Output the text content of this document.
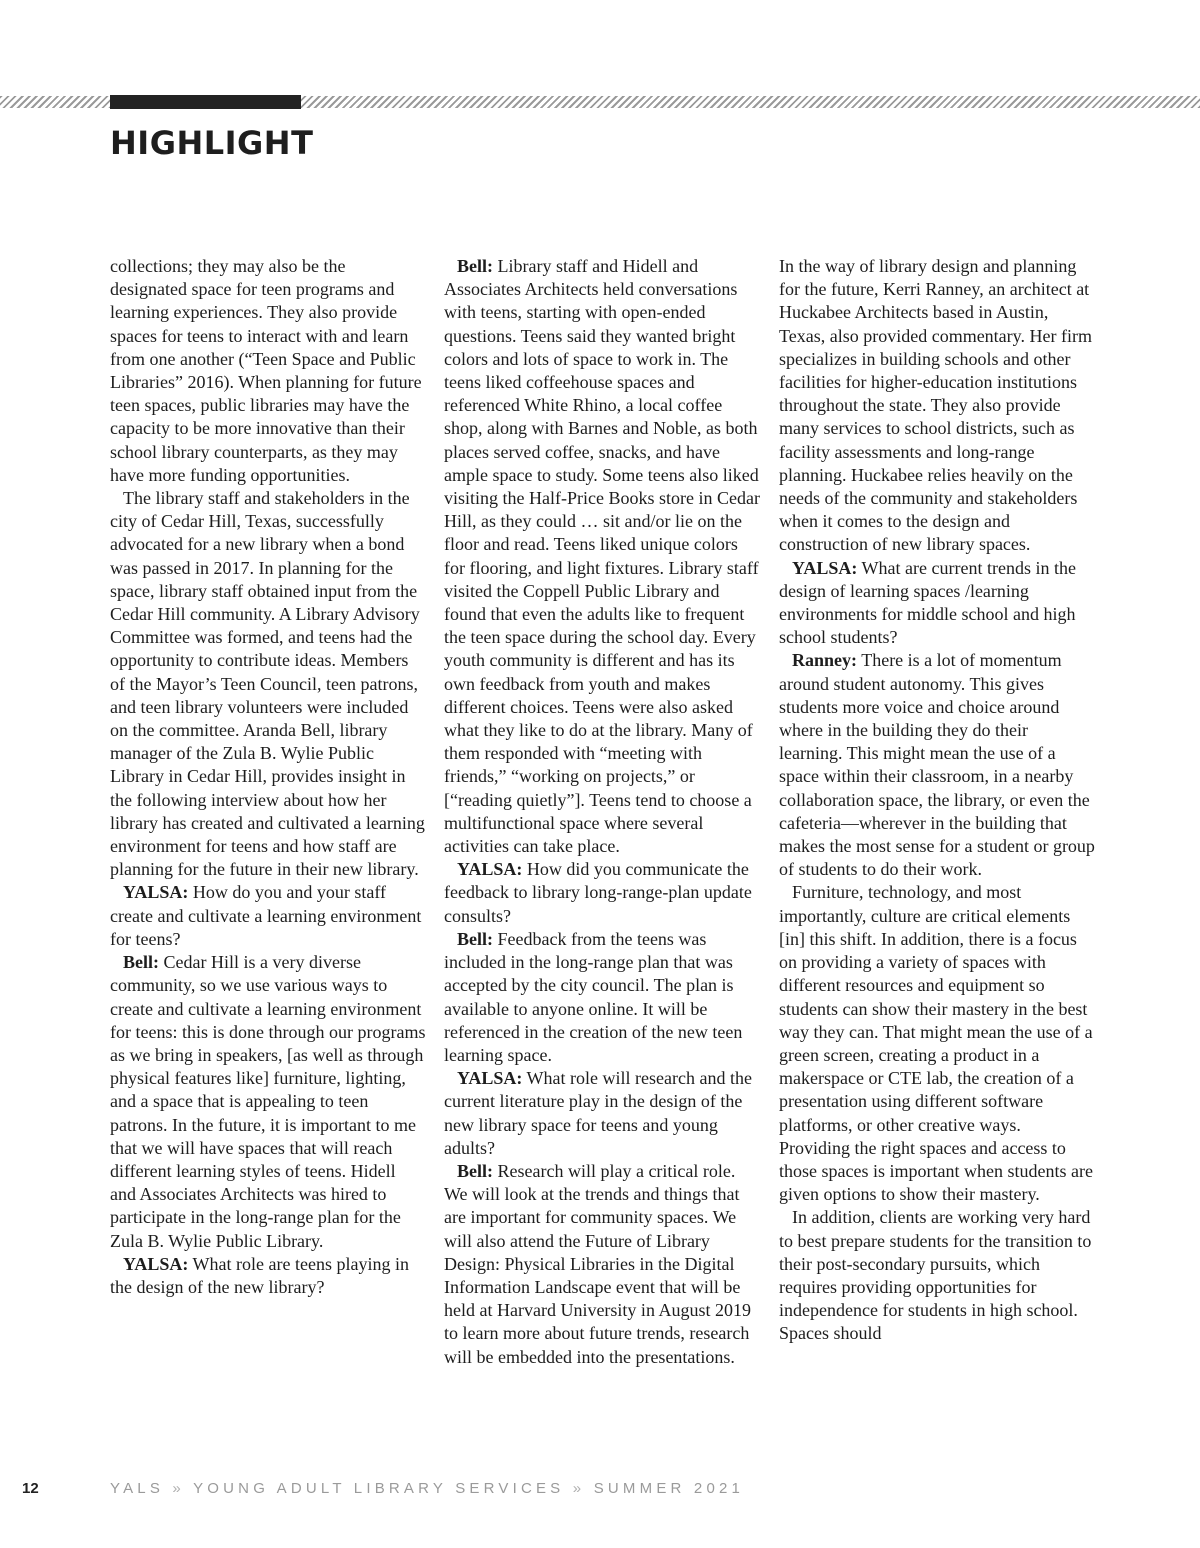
HIGHLIGHT

collections; they may also be the designated space for teen programs and learning experiences. They also provide spaces for teens to interact with and learn from one another (“Teen Space and Public Libraries” 2016). When planning for future teen spaces, public libraries may have the capacity to be more innovative than their school library counterparts, as they may have more funding opportunities.

The library staff and stakeholders in the city of Cedar Hill, Texas, successfully advocated for a new library when a bond was passed in 2017. In planning for the space, library staff obtained input from the Cedar Hill community. A Library Advisory Committee was formed, and teens had the opportunity to contribute ideas. Members of the Mayor’s Teen Council, teen patrons, and teen library volunteers were included on the committee. Aranda Bell, library manager of the Zula B. Wylie Public Library in Cedar Hill, provides insight in the following interview about how her library has created and cultivated a learning environment for teens and how staff are planning for the future in their new library.

YALSA: How do you and your staff create and cultivate a learning environment for teens?

Bell: Cedar Hill is a very diverse community, so we use various ways to create and cultivate a learning environment for teens: this is done through our programs as we bring in speakers, [as well as through physical features like] furniture, lighting, and a space that is appealing to teen patrons. In the future, it is important to me that we will have spaces that will reach different learning styles of teens. Hidell and Associates Architects was hired to participate in the long-range plan for the Zula B. Wylie Public Library.

YALSA: What role are teens playing in the design of the new library?

Bell: Library staff and Hidell and Associates Architects held conversations with teens, starting with open-ended questions. Teens said they wanted bright colors and lots of space to work in. The teens liked coffeehouse spaces and referenced White Rhino, a local coffee shop, along with Barnes and Noble, as both places served coffee, snacks, and have ample space to study. Some teens also liked visiting the Half-Price Books store in Cedar Hill, as they could … sit and/or lie on the floor and read. Teens liked unique colors for flooring, and light fixtures. Library staff visited the Coppell Public Library and found that even the adults like to frequent the teen space during the school day. Every youth community is different and has its own feedback from youth and makes different choices. Teens were also asked what they like to do at the library. Many of them responded with “meeting with friends,” “working on projects,” or [“reading quietly”]. Teens tend to choose a multifunctional space where several activities can take place.

YALSA: How did you communicate the feedback to library long-range-plan update consults?

Bell: Feedback from the teens was included in the long-range plan that was accepted by the city council. The plan is available to anyone online. It will be referenced in the creation of the new teen learning space.

YALSA: What role will research and the current literature play in the design of the new library space for teens and young adults?

Bell: Research will play a critical role. We will look at the trends and things that are important for community spaces. We will also attend the Future of Library Design: Physical Libraries in the Digital Information Landscape event that will be held at Harvard University in August 2019 to learn more about future trends, research will be embedded into the presentations.

In the way of library design and planning for the future, Kerri Ranney, an architect at Huckabee Architects based in Austin, Texas, also provided commentary. Her firm specializes in building schools and other facilities for higher-education institutions throughout the state. They also provide many services to school districts, such as facility assessments and long-range planning. Huckabee relies heavily on the needs of the community and stakeholders when it comes to the design and construction of new library spaces.

YALSA: What are current trends in the design of learning spaces /learning environments for middle school and high school students?

Ranney: There is a lot of momentum around student autonomy. This gives students more voice and choice around where in the building they do their learning. This might mean the use of a space within their classroom, in a nearby collaboration space, the library, or even the cafeteria—wherever in the building that makes the most sense for a student or group of students to do their work.

Furniture, technology, and most importantly, culture are critical elements [in] this shift. In addition, there is a focus on providing a variety of spaces with different resources and equipment so students can show their mastery in the best way they can. That might mean the use of a green screen, creating a product in a makerspace or CTE lab, the creation of a presentation using different software platforms, or other creative ways. Providing the right spaces and access to those spaces is important when students are given options to show their mastery.

In addition, clients are working very hard to best prepare students for the transition to their post-secondary pursuits, which requires providing opportunities for independence for students in high school. Spaces should

12	YALS » YOUNG ADULT LIBRARY SERVICES » SUMMER 2021
